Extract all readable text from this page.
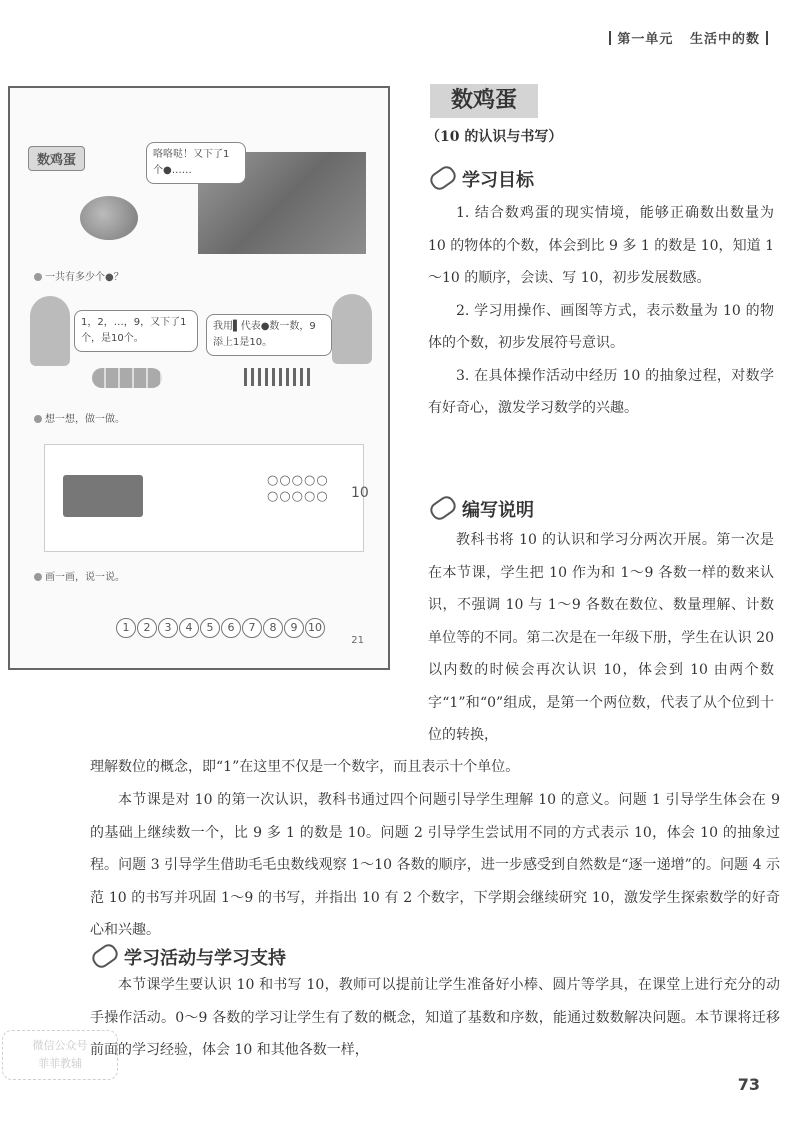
第一单元 生活中的数
数鸡蛋	咯咯哒！又下了1个●……
一共有多少个●？
1，2，…，9，又下了1个，是10个。
我用▌代表●数一数，9添上1是10。
想一想，做一做。
○○○○○ ○○○○○	10
画一画，说一说。
1 2 3 4 5 6 7 8 9 10
21
数鸡蛋
（10 的认识与书写）
学习目标
1. 结合数鸡蛋的现实情境，能够正确数出数量为 10 的物体的个数，体会到比 9 多 1 的数是 10，知道 1～10 的顺序，会读、写 10，初步发展数感。
2. 学习用操作、画图等方式，表示数量为 10 的物体的个数，初步发展符号意识。
3. 在具体操作活动中经历 10 的抽象过程，对数学有好奇心，激发学习数学的兴趣。
编写说明

教科书将 10 的认识和学习分两次开展。第一次是在本节课，学生把 10 作为和 1～9 各数一样的数来认识，不强调 10 与 1～9 各数在数位、数量理解、计数单位等的不同。第二次是在一年级下册，学生在认识 20 以内数的时候会再次认识 10，体会到 10 由两个数字“1”和“0”组成，是第一个两位数，代表了从个位到十位的转换，

理解数位的概念，即“1”在这里不仅是一个数字，而且表示十个单位。

本节课是对 10 的第一次认识，教科书通过四个问题引导学生理解 10 的意义。问题 1 引导学生体会在 9 的基础上继续数一个，比 9 多 1 的数是 10。问题 2 引导学生尝试用不同的方式表示 10，体会 10 的抽象过程。问题 3 引导学生借助毛毛虫数线观察 1～10 各数的顺序，进一步感受到自然数是“逐一递增”的。问题 4 示范 10 的书写并巩固 1～9 的书写，并指出 10 有 2 个数字，下学期会继续研究 10，激发学生探索数学的好奇心和兴趣。

学习活动与学习支持

本节课学生要认识 10 和书写 10，教师可以提前让学生准备好小棒、圆片等学具，在课堂上进行充分的动手操作活动。0～9 各数的学习让学生有了数的概念，知道了基数和序数，能通过数数解决问题。本节课将迁移前面的学习经验，体会 10 和其他各数一样，

微信公众号
菲菲教辅
73
